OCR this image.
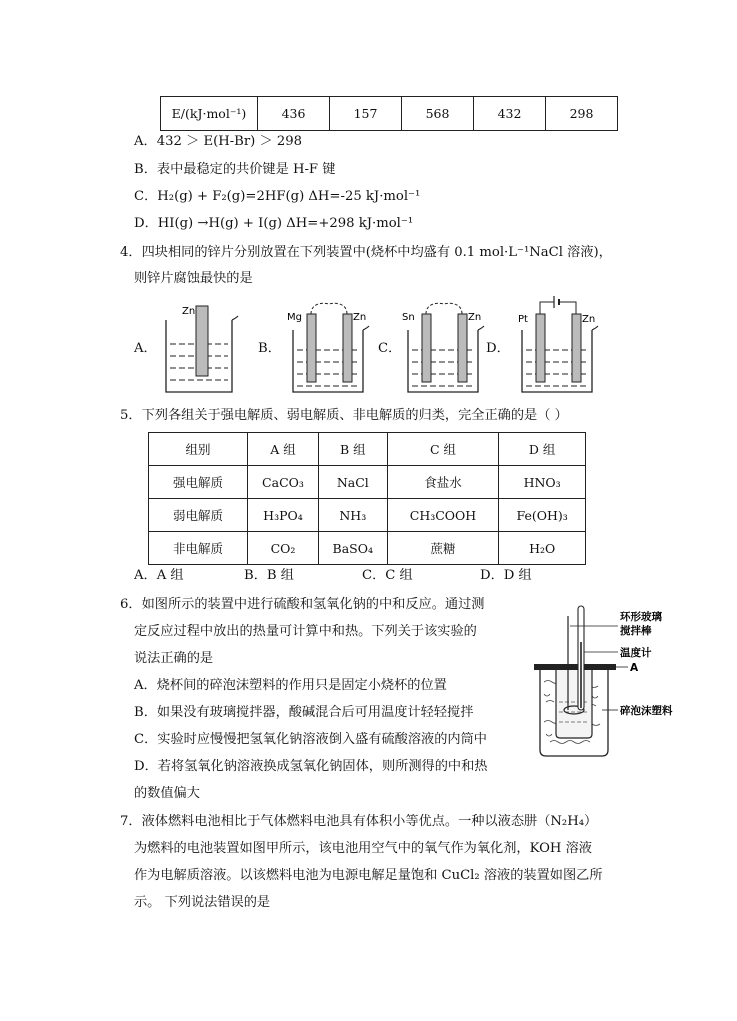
E/(kJ·mol⁻¹)	436	157	568	432	298
A．432 ＞ E(H-Br) ＞ 298
B．表中最稳定的共价键是 H-F 键
C．H₂(g) + F₂(g)=2HF(g) ΔH=-25 kJ·mol⁻¹
D．HI(g) →H(g) + I(g) ΔH=+298 kJ·mol⁻¹
4．四块相同的锌片分别放置在下列装置中(烧杯中均盛有 0.1 mol·L⁻¹NaCl 溶液)，
则锌片腐蚀最快的是
A．	B．	C．	D．
Zn
Mg	Zn	Sn	Zn	Pt	Zn
5．下列各组关于强电解质、弱电解质、非电解质的归类，完全正确的是（ ）
组别	A 组	B 组	C 组	D 组
强电解质	CaCO₃	NaCl	食盐水	HNO₃
弱电解质	H₃PO₄	NH₃	CH₃COOH	Fe(OH)₃
非电解质	CO₂	BaSO₄	蔗糖	H₂O
A．A 组	B．B 组	C．C 组	D．D 组
6．如图所示的装置中进行硫酸和氢氧化钠的中和反应。通过测
定反应过程中放出的热量可计算中和热。下列关于该实验的
说法正确的是
A．烧杯间的碎泡沫塑料的作用只是固定小烧杯的位置
B．如果没有玻璃搅拌器，酸碱混合后可用温度计轻轻搅拌
C．实验时应慢慢把氢氧化钠溶液倒入盛有硫酸溶液的内筒中
D．若将氢氧化钠溶液换成氢氧化钠固体，则所测得的中和热
的数值偏大
环形玻璃
搅拌棒
温度计
A
碎泡沫塑料
7．液体燃料电池相比于气体燃料电池具有体积小等优点。一种以液态肼（N₂H₄）
为燃料的电池装置如图甲所示，该电池用空气中的氧气作为氧化剂，KOH 溶液
作为电解质溶液。以该燃料电池为电源电解足量饱和 CuCl₂ 溶液的装置如图乙所
示。 下列说法错误的是
